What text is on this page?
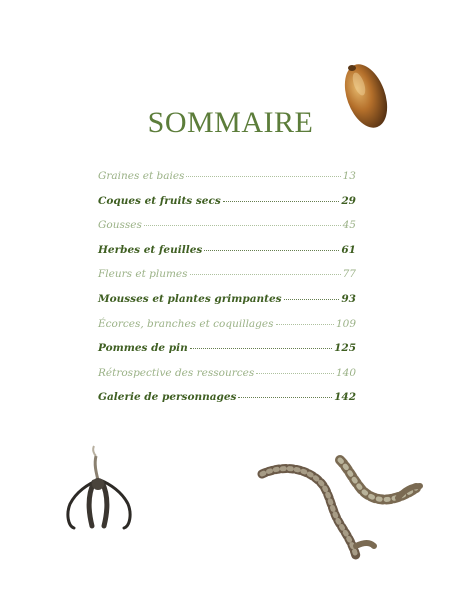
SOMMAIRE
Graines et baies	13
Coques et fruits secs	29
Gousses	45
Herbes et feuilles	61
Fleurs et plumes	77
Mousses et plantes grimpantes	93
Écorces, branches et coquillages	109
Pommes de pin	125
Rétrospective des ressources	140
Galerie de personnages	142
